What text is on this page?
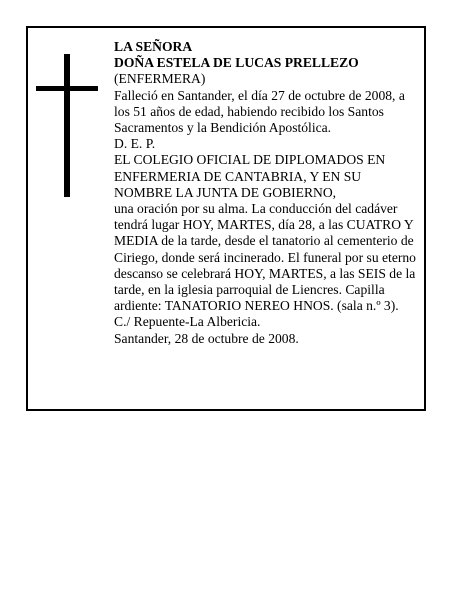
LA SEÑORA
DOÑA ESTELA DE LUCAS PRELLEZO
(ENFERMERA)
Falleció en Santander, el día 27 de octubre de 2008, a los 51 años de edad, habiendo recibido los Santos Sacramentos y la Bendición Apostólica.
D. E. P.
EL COLEGIO OFICIAL DE DIPLOMADOS EN ENFERMERIA DE CANTABRIA, Y EN SU NOMBRE LA JUNTA DE GOBIERNO,
una oración por su alma. La conducción del cadáver tendrá lugar HOY, MARTES, día 28, a las CUATRO Y MEDIA de la tarde, desde el tanatorio al cementerio de Ciriego, donde será incinerado. El funeral por su eterno descanso se celebrará HOY, MARTES, a las SEIS de la tarde, en la iglesia parroquial de Liencres. Capilla ardiente: TANATORIO NEREO HNOS. (sala n.º 3).
C./ Repuente-La Albericia.
Santander, 28 de octubre de 2008.
